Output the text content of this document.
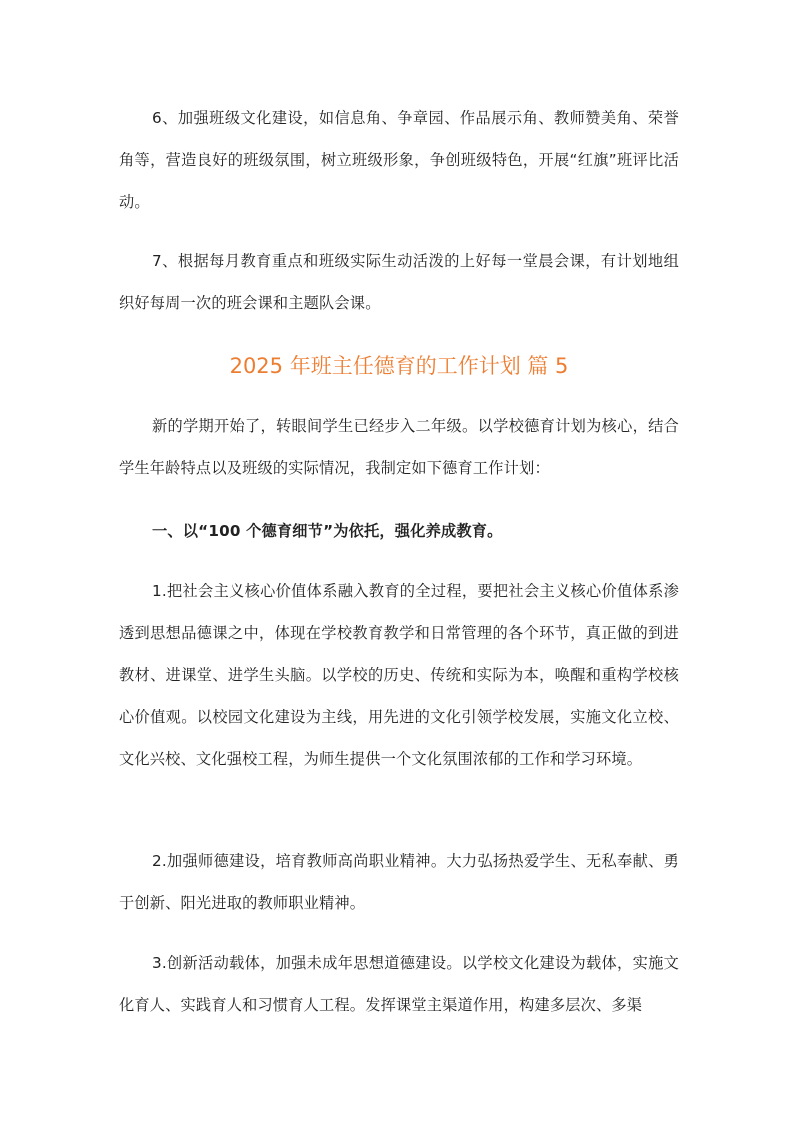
6、加强班级文化建设，如信息角、争章园、作品展示角、教师赞美角、荣誉角等，营造良好的班级氛围，树立班级形象，争创班级特色，开展“红旗”班评比活动。

7、根据每月教育重点和班级实际生动活泼的上好每一堂晨会课，有计划地组织好每周一次的班会课和主题队会课。

2025 年班主任德育的工作计划 篇 5

新的学期开始了，转眼间学生已经步入二年级。以学校德育计划为核心，结合学生年龄特点以及班级的实际情况，我制定如下德育工作计划：

一、以“100 个德育细节”为依托，强化养成教育。

1.把社会主义核心价值体系融入教育的全过程，要把社会主义核心价值体系渗透到思想品德课之中，体现在学校教育教学和日常管理的各个环节，真正做的到进教材、进课堂、进学生头脑。以学校的历史、传统和实际为本，唤醒和重构学校核心价值观。以校园文化建设为主线，用先进的文化引领学校发展，实施文化立校、文化兴校、文化强校工程，为师生提供一个文化氛围浓郁的工作和学习环境。

2.加强师德建设，培育教师高尚职业精神。大力弘扬热爱学生、无私奉献、勇于创新、阳光进取的教师职业精神。

3.创新活动载体，加强未成年思想道德建设。以学校文化建设为载体，实施文化育人、实践育人和习惯育人工程。发挥课堂主渠道作用，构建多层次、多渠
